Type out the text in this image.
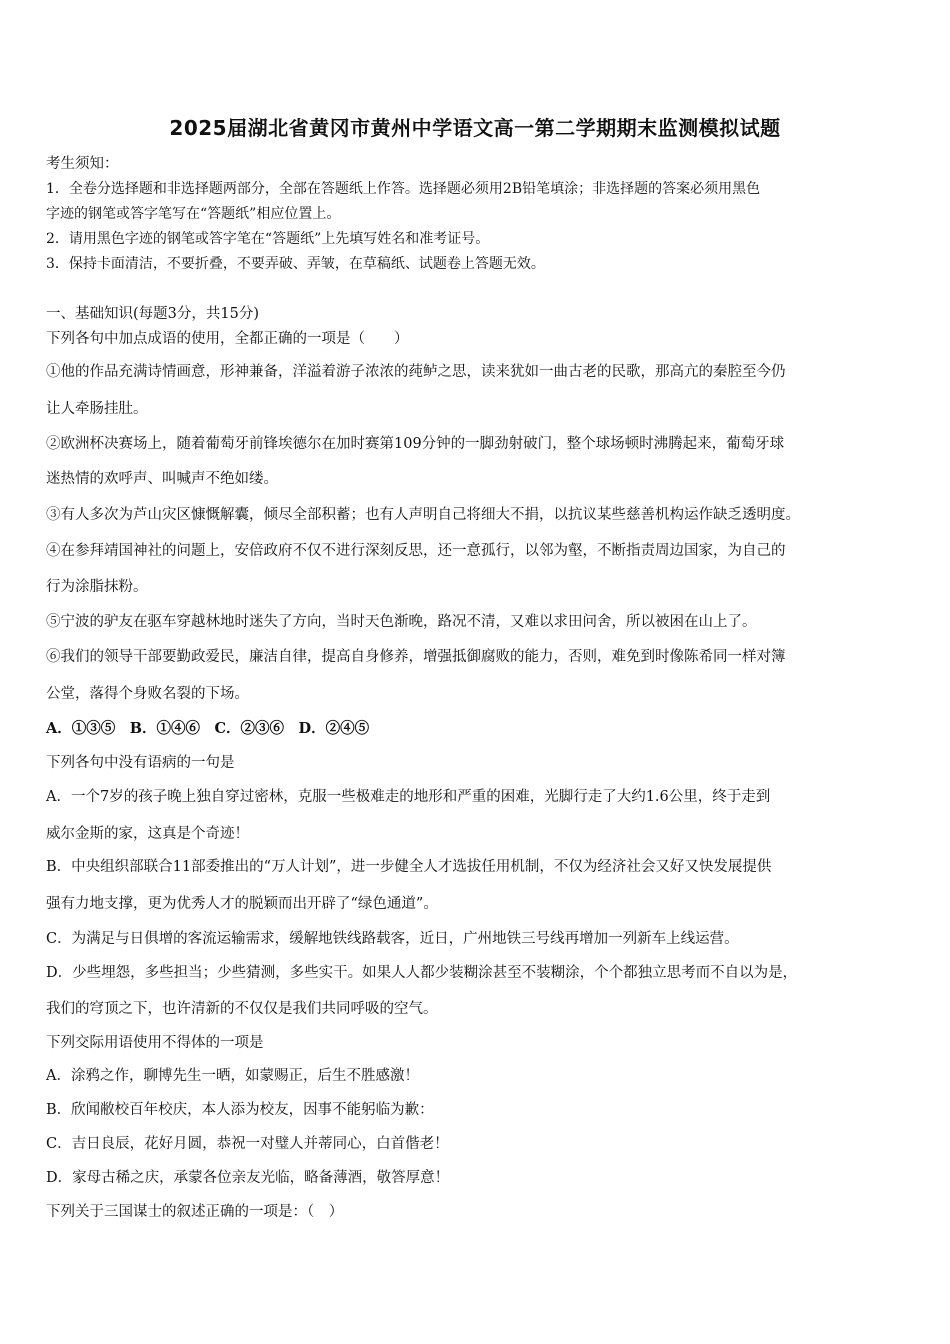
2025届湖北省黄冈市黄州中学语文高一第二学期期末监测模拟试题
考生须知：
1．全卷分选择题和非选择题两部分，全部在答题纸上作答。选择题必须用2B铅笔填涂；非选择题的答案必须用黑色
字迹的钢笔或答字笔写在“答题纸”相应位置上。
2．请用黑色字迹的钢笔或答字笔在“答题纸”上先填写姓名和准考证号。
3．保持卡面清洁，不要折叠，不要弄破、弄皱，在草稿纸、试题卷上答题无效。
一、基础知识(每题3分，共15分)
下列各句中加点成语的使用，全都正确的一项是（　　）
①他的作品充满诗情画意，形神兼备，洋溢着游子浓浓的莼鲈之思，读来犹如一曲古老的民歌，那高亢的秦腔至今仍
让人牵肠挂肚。
②欧洲杯决赛场上，随着葡萄牙前锋埃德尔在加时赛第109分钟的一脚劲射破门，整个球场顿时沸腾起来，葡萄牙球
迷热情的欢呼声、叫喊声不绝如缕。
③有人多次为芦山灾区慷慨解囊，倾尽全部积蓄；也有人声明自己将细大不捐，以抗议某些慈善机构运作缺乏透明度。
④在参拜靖国神社的问题上，安倍政府不仅不进行深刻反思，还一意孤行，以邻为壑，不断指责周边国家，为自己的
行为涂脂抹粉。
⑤宁波的驴友在驱车穿越林地时迷失了方向，当时天色渐晚，路况不清，又难以求田问舍，所以被困在山上了。
⑥我们的领导干部要勤政爱民，廉洁自律，提高自身修养，增强抵御腐败的能力，否则，难免到时像陈希同一样对簿
公堂，落得个身败名裂的下场。
A．①③⑤　B．①④⑥　C．②③⑥　D．②④⑤
下列各句中没有语病的一句是
A．一个7岁的孩子晚上独自穿过密林，克服一些极难走的地形和严重的困难，光脚行走了大约1.6公里，终于走到
威尔金斯的家，这真是个奇迹！
B．中央组织部联合11部委推出的“万人计划”，进一步健全人才选拔任用机制，不仅为经济社会又好又快发展提供
强有力地支撑，更为优秀人才的脱颖而出开辟了“绿色通道”。
C．为满足与日俱增的客流运输需求，缓解地铁线路载客，近日，广州地铁三号线再增加一列新车上线运营。
D．少些埋怨，多些担当；少些猜测，多些实干。如果人人都少装糊涂甚至不装糊涂，个个都独立思考而不自以为是，
我们的穹顶之下，也许清新的不仅仅是我们共同呼吸的空气。
下列交际用语使用不得体的一项是
A．涂鸦之作，聊博先生一晒，如蒙赐正，后生不胜感激！
B．欣闻敝校百年校庆，本人添为校友，因事不能躬临为歉：
C．吉日良辰，花好月圆，恭祝一对璧人并蒂同心，白首偕老！
D．家母古稀之庆，承蒙各位亲友光临，略备薄酒，敬答厚意！
下列关于三国谋士的叙述正确的一项是：（　）
